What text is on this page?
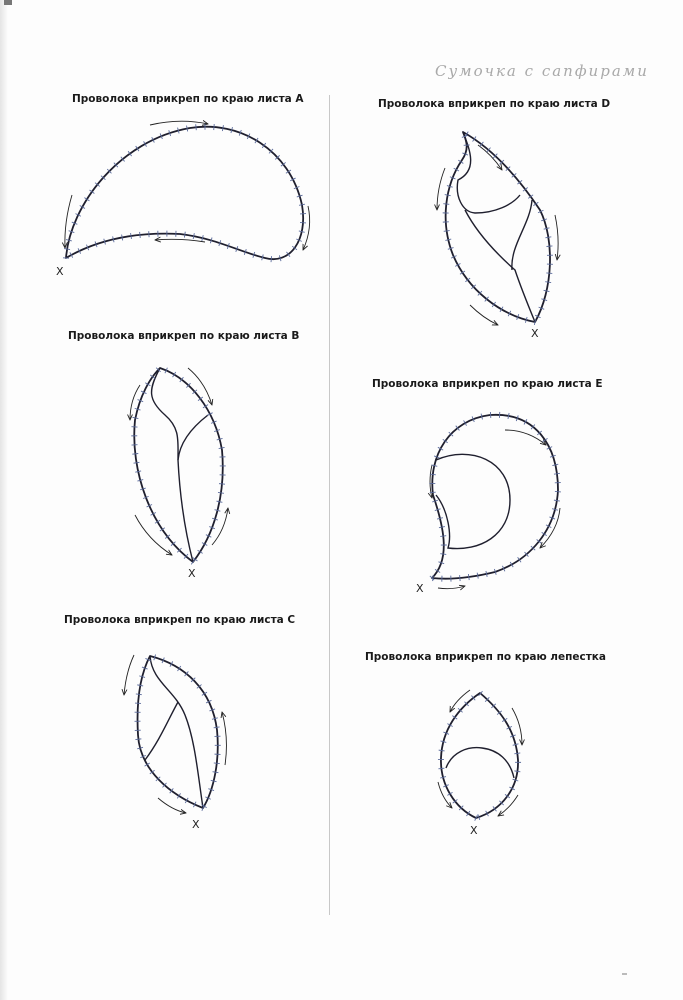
Сумочка с сапфирами
Проволока вприкреп по краю листа A
Проволока вприкреп по краю листа B
Проволока вприкреп по краю листа C
Проволока вприкреп по краю листа D
Проволока вприкреп по краю листа E
Проволока вприкреп по краю лепестка
X
X
X
X
X
X
